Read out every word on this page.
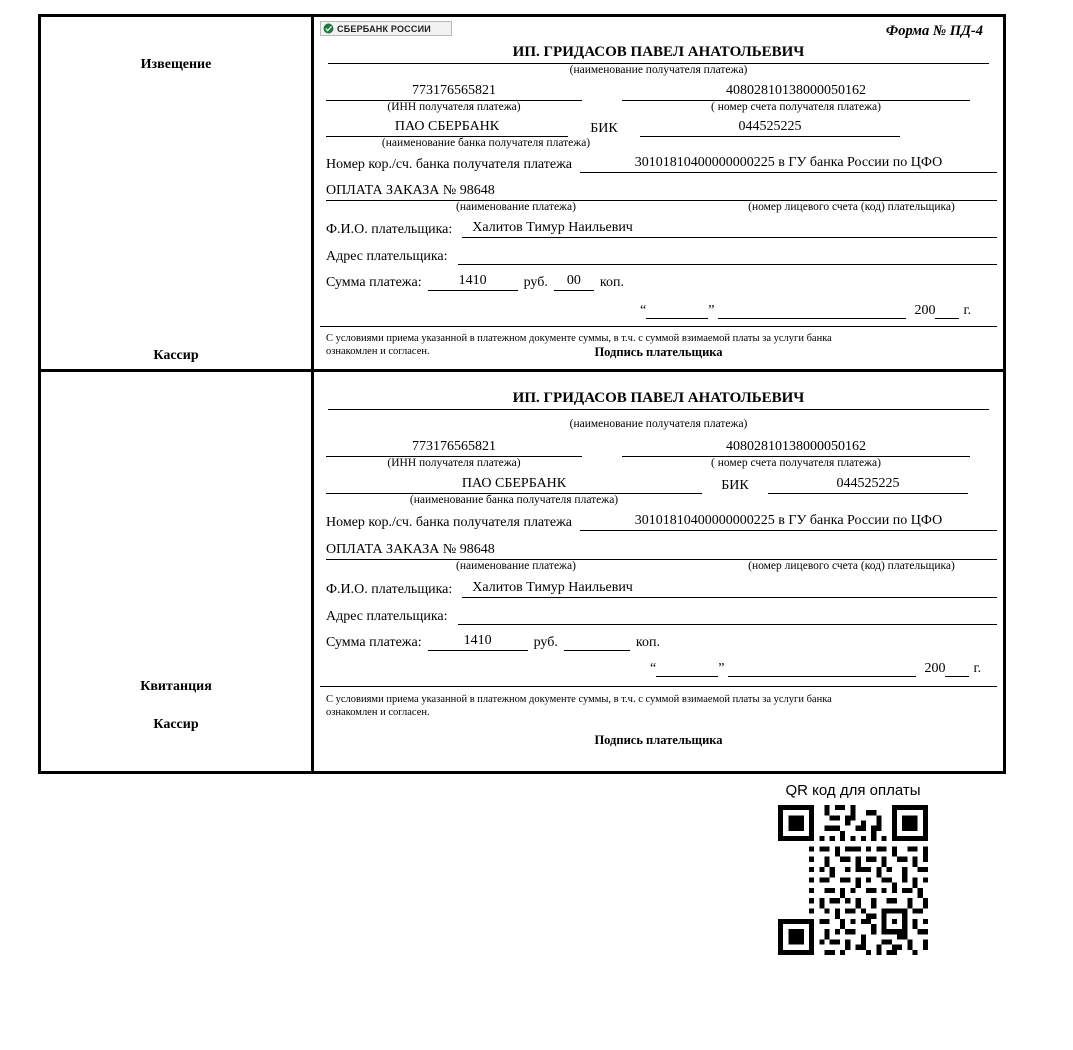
Извещение
Кассир
СБЕРБАНК РОССИИ	Форма № ПД-4
ИП. ГРИДАСОВ ПАВЕЛ АНАТОЛЬЕВИЧ
(наименование получателя платежа)
773176565821	40802810138000050162
(ИНН получателя платежа)	( номер счета получателя платежа)
ПАО СБЕРБАНК	БИК	044525225
(наименование банка получателя платежа)
Номер кор./сч. банка получателя платежа	30101810400000000225 в ГУ банка России по ЦФО
ОПЛАТА ЗАКАЗА № 98648
(наименование платежа)	(номер лицевого счета (код) плательщика)
Ф.И.О. плательщика:	Халитов Тимур Наильевич
Адрес плательщика:
Сумма платежа:	1410	руб.	00	коп.
“	”	200 г.
С условиями приема указанной в платежном документе суммы, в т.ч. с суммой взимаемой платы за услуги банка
ознакомлен и согласен.	Подпись плательщика
Квитанция
Кассир
ИП. ГРИДАСОВ ПАВЕЛ АНАТОЛЬЕВИЧ
(наименование получателя платежа)
773176565821	40802810138000050162
(ИНН получателя платежа)	( номер счета получателя платежа)
ПАО СБЕРБАНК	БИК	044525225
(наименование банка получателя платежа)
Номер кор./сч. банка получателя платежа	30101810400000000225 в ГУ банка России по ЦФО
ОПЛАТА ЗАКАЗА № 98648
(наименование платежа)	(номер лицевого счета (код) плательщика)
Ф.И.О. плательщика:	Халитов Тимур Наильевич
Адрес плательщика:
Сумма платежа:	1410	руб.	коп.
“	”	200 г.
С условиями приема указанной в платежном документе суммы, в т.ч. с суммой взимаемой платы за услуги банка
ознакомлен и согласен.
Подпись плательщика
QR код для оплаты
